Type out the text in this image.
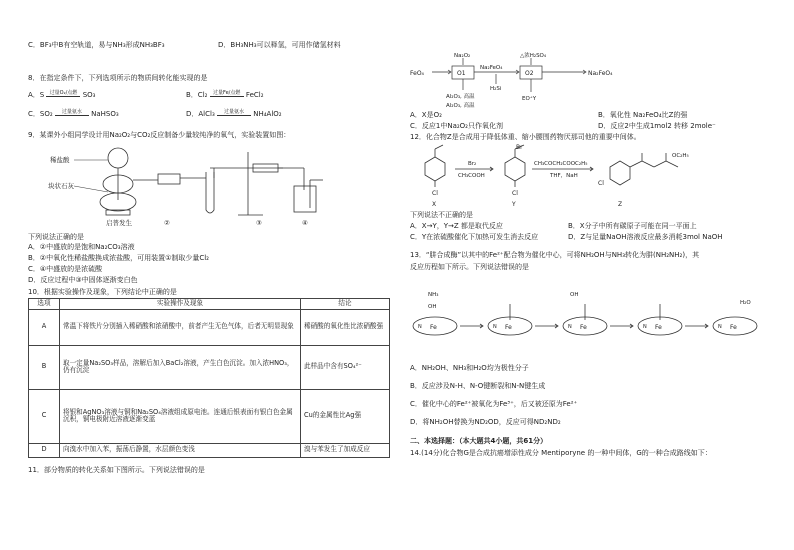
C．BF₃中B有空轨道，易与NH₃形成NH₃BF₃	D．BH₃NH₃可以释氢，可用作储氢材料
8．在指定条件下，下列选项所示的物质间转化能实现的是
A．S 过量O₂/点燃 SO₃	B．Cl₂ 过量Fe/点燃 FeCl₂
C．SO₂ 过量氨水 NaHSO₃	D．AlCl₃ 过量氨水 NH₄AlO₂
9．某课外小组同学设计用Na₂O₂与CO₂反应制备少量较纯净的氧气，实验装置如图：
稀盐酸
块状石灰
启普发生	②	③	④
下列说法正确的是
A．②中盛放的是饱和Na₂CO₃溶液
B．②中氧化性稀盐酸换成浓盐酸，可用装置①制取少量Cl₂
C．④中盛放的是浓硫酸
D．反应过程中③中固体逐渐变白色
10．根据实验操作及现象，下列结论中正确的是
选项	实验操作及现象	结论
A	常温下将铁片分别插入稀硝酸和浓硝酸中，前者产生无色气体，后者无明显现象	稀硝酸的氧化性比浓硝酸强
B	取一定量Na₂SO₃样品，溶解后加入BaCl₂溶液，产生白色沉淀。加入浓HNO₃，仍有沉淀	此样品中含有SO₄²⁻
C	将银和AgNO₃溶液与铜和Na₂SO₄溶液组成原电池。连通后银表面有银白色金属沉积，铜电极附近溶液逐渐变蓝	Cu的金属性比Ag强
D	向溴水中加入苯，振荡后静置，水层颜色变浅	溴与苯发生了加成反应
11．部分物质的转化关系如下图所示。下列说法错误的是
FeO₄
Na₂O₂
O1
Na₂FeO₄
H₂Si
△浓H₂SO₄
O2	Na₂FeO₄
Al₂O₃, 高温	EO⁺Y
Al₂O₃, 高温
A．X是O₂	B．氧化性 Na₂FeO₄比Z的强
C．反应1中Na₂O₂只作氧化剂	D．反应2中生成1mol2 转移 2mole⁻
12．化合物Z是合成用于降低体重、缩小腰围药物厌那司他的重要中间体。
Br
Cl	Cl
Cl
Br₂
CH₃COOH
CH₃COCH₂COOC₂H₅
THF，NaH
OC₂H₅
X	Y	Z
下列说法不正确的是
A．X→Y，Y→Z 都是取代反应	B．X分子中所有碳原子可能在同一平面上
C．Y在浓硫酸催化下加热可发生消去反应	D．Z与足量NaOH溶液反应最多消耗3mol NaOH
13．“肼合成酶”以其中的Fe²⁺配合物为催化中心，可将NH₂OH与NH₃转化为肼(NH₂NH₂)，其
反应历程如下所示。下列说法错误的是
Fe	Fe	Fe	Fe	Fe
N	N	N	N	N
NH₃
OH
OH
H₂O
A．NH₂OH、NH₃和H₂O均为极性分子
B．反应涉及N-H、N-O键断裂和N-N键生成
C．催化中心的Fe²⁺被氧化为Fe³⁺，后又被还原为Fe²⁺
D．将NH₂OH替换为ND₂OD，反应可得ND₂ND₂
二、本选择题：（本大题共4小题，共61分）
14.(14分)化合物G是合成抗癌增添性成分 Mentiporyne 的一种中间体，G的一种合成路线如下：
